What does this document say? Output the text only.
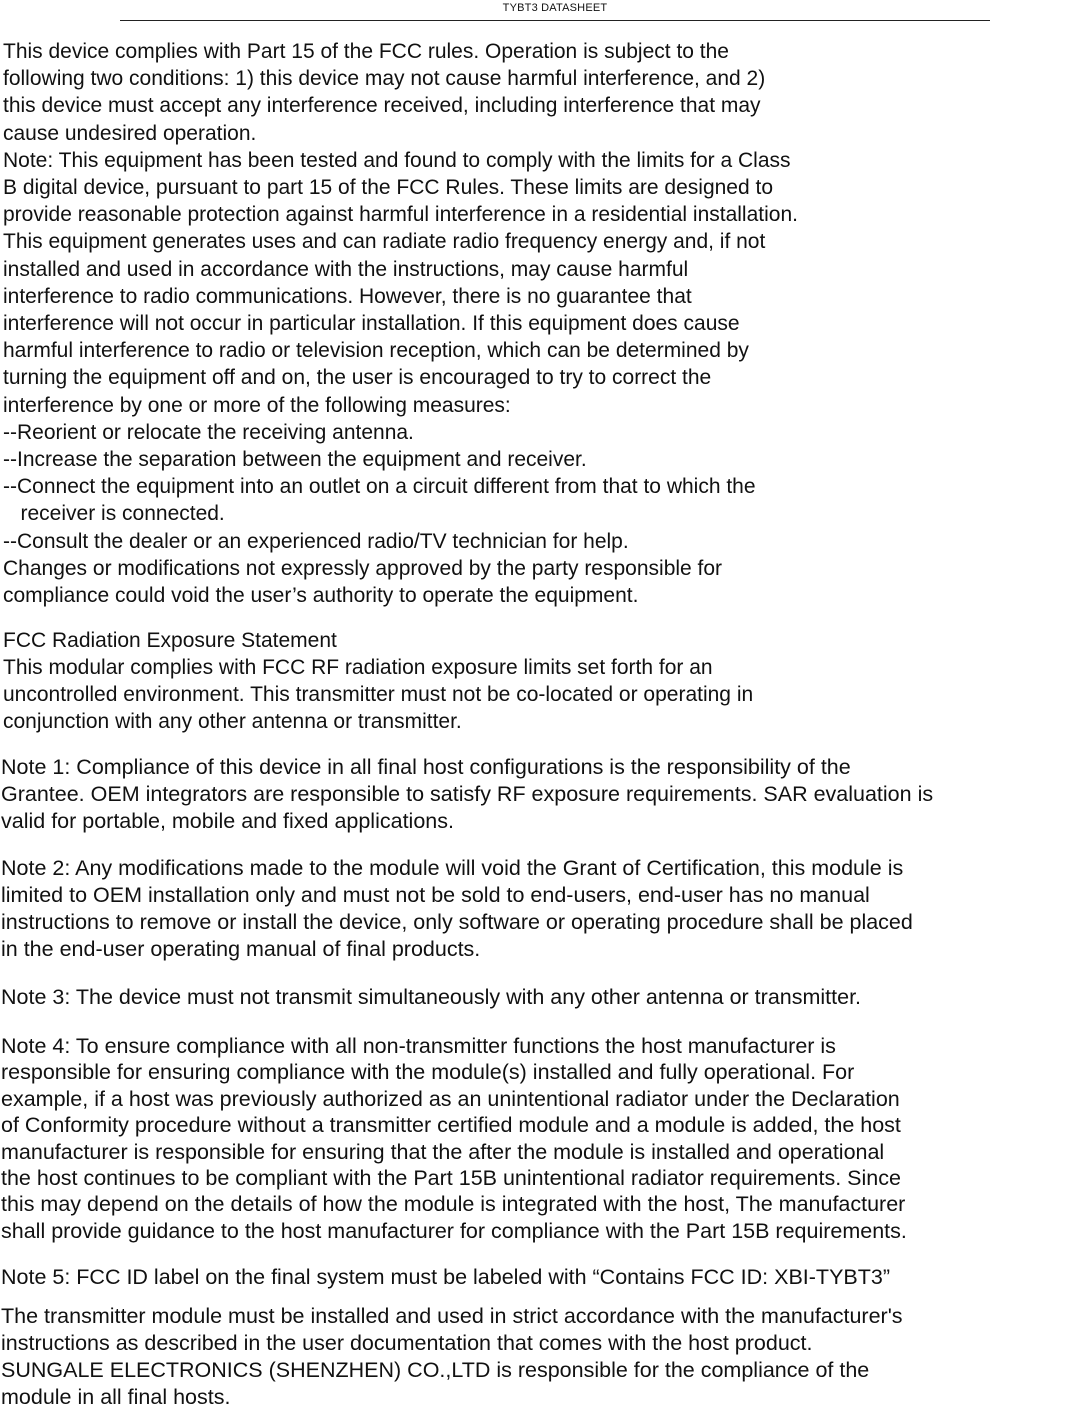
TYBT3 DATASHEET
This device complies with Part 15 of the FCC rules. Operation is subject to the
following two conditions: 1) this device may not cause harmful interference, and 2)
this device must accept any interference received, including interference that may
cause undesired operation.
Note: This equipment has been tested and found to comply with the limits for a Class
B digital device, pursuant to part 15 of the FCC Rules. These limits are designed to
provide reasonable protection against harmful interference in a residential installation.
This equipment generates uses and can radiate radio frequency energy and, if not
installed and used in accordance with the instructions, may cause harmful
interference to radio communications. However, there is no guarantee that
interference will not occur in particular installation. If this equipment does cause
harmful interference to radio or television reception, which can be determined by
turning the equipment off and on, the user is encouraged to try to correct the
interference by one or more of the following measures:
--Reorient or relocate the receiving antenna.
--Increase the separation between the equipment and receiver.
--Connect the equipment into an outlet on a circuit different from that to which the
receiver is connected.
--Consult the dealer or an experienced radio/TV technician for help.
Changes or modifications not expressly approved by the party responsible for
compliance could void the user’s authority to operate the equipment.
FCC Radiation Exposure Statement
This modular complies with FCC RF radiation exposure limits set forth for an
uncontrolled environment. This transmitter must not be co-located or operating in
conjunction with any other antenna or transmitter.
Note 1: Compliance of this device in all final host configurations is the responsibility of the
Grantee. OEM integrators are responsible to satisfy RF exposure requirements. SAR evaluation is
valid for portable, mobile and fixed applications.
Note 2: Any modifications made to the module will void the Grant of Certification, this module is
limited to OEM installation only and must not be sold to end-users, end-user has no manual
instructions to remove or install the device, only software or operating procedure shall be placed
in the end-user operating manual of final products.
Note 3: The device must not transmit simultaneously with any other antenna or transmitter.
Note 4: To ensure compliance with all non-transmitter functions the host manufacturer is
responsible for ensuring compliance with the module(s) installed and fully operational. For
example, if a host was previously authorized as an unintentional radiator under the Declaration
of Conformity procedure without a transmitter certified module and a module is added, the host
manufacturer is responsible for ensuring that the after the module is installed and operational
the host continues to be compliant with the Part 15B unintentional radiator requirements. Since
this may depend on the details of how the module is integrated with the host, The manufacturer
shall provide guidance to the host manufacturer for compliance with the Part 15B requirements.
Note 5: FCC ID label on the final system must be labeled with “Contains FCC ID: XBI-TYBT3”
The transmitter module must be installed and used in strict accordance with the manufacturer's
instructions as described in the user documentation that comes with the host product.
SUNGALE ELECTRONICS (SHENZHEN) CO.,LTD is responsible for the compliance of the
module in all final hosts.
